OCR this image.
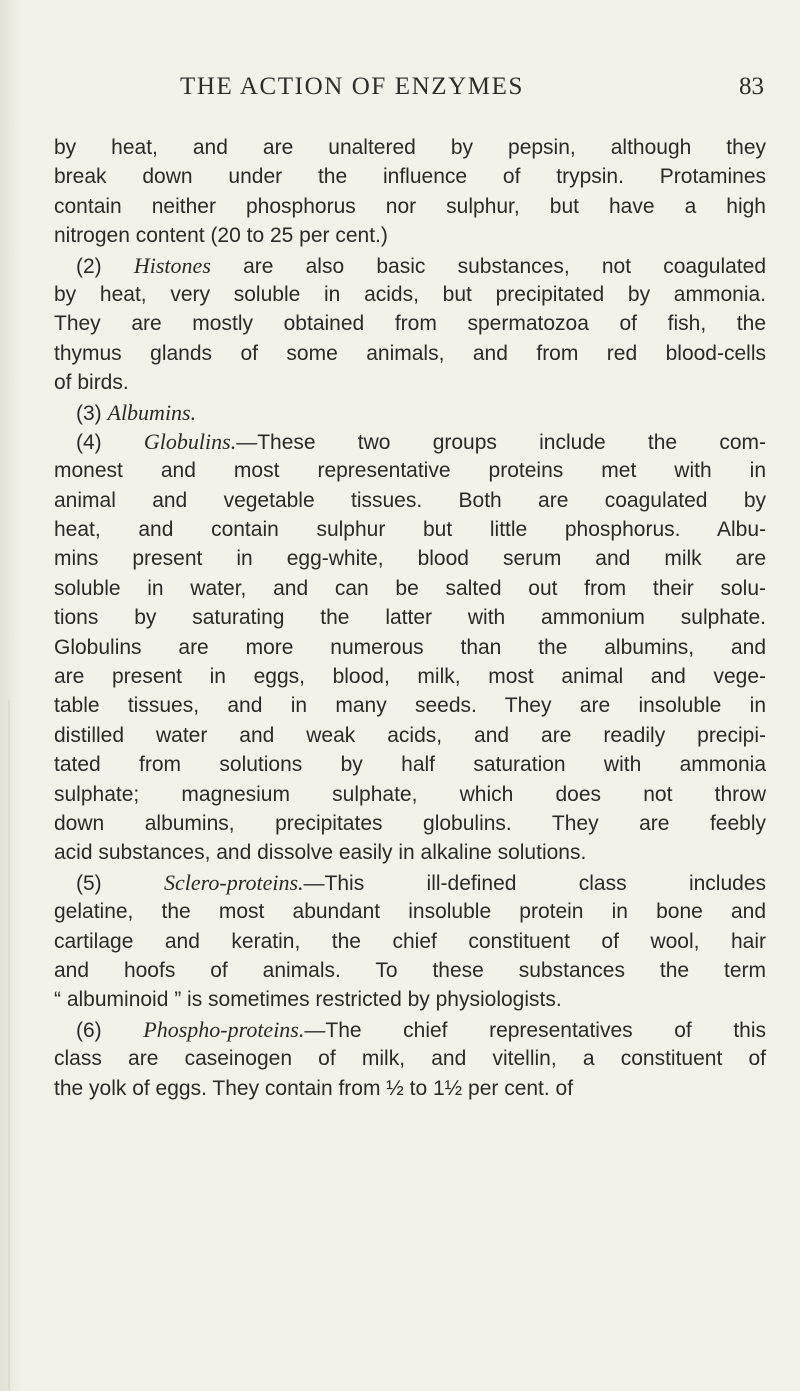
THE ACTION OF ENZYMES	83
by heat, and are unaltered by pepsin, although they
break down under the influence of trypsin. Protamines
contain neither phosphorus nor sulphur, but have a high
nitrogen content (20 to 25 per cent.)
(2) Histones are also basic substances, not coagulated
by heat, very soluble in acids, but precipitated by ammonia.
They are mostly obtained from spermatozoa of fish, the
thymus glands of some animals, and from red blood-cells
of birds.
(3) Albumins.
(4) Globulins.—These two groups include the com-
monest and most representative proteins met with in
animal and vegetable tissues. Both are coagulated by
heat, and contain sulphur but little phosphorus. Albu-
mins present in egg-white, blood serum and milk are
soluble in water, and can be salted out from their solu-
tions by saturating the latter with ammonium sulphate.
Globulins are more numerous than the albumins, and
are present in eggs, blood, milk, most animal and vege-
table tissues, and in many seeds. They are insoluble in
distilled water and weak acids, and are readily precipi-
tated from solutions by half saturation with ammonia
sulphate; magnesium sulphate, which does not throw
down albumins, precipitates globulins. They are feebly
acid substances, and dissolve easily in alkaline solutions.
(5) Sclero-proteins.—This ill-defined class includes
gelatine, the most abundant insoluble protein in bone and
cartilage and keratin, the chief constituent of wool, hair
and hoofs of animals. To these substances the term
“ albuminoid ” is sometimes restricted by physiologists.
(6) Phospho-proteins.—The chief representatives of this
class are caseinogen of milk, and vitellin, a constituent of
the yolk of eggs. They contain from ½ to 1½ per cent. of
